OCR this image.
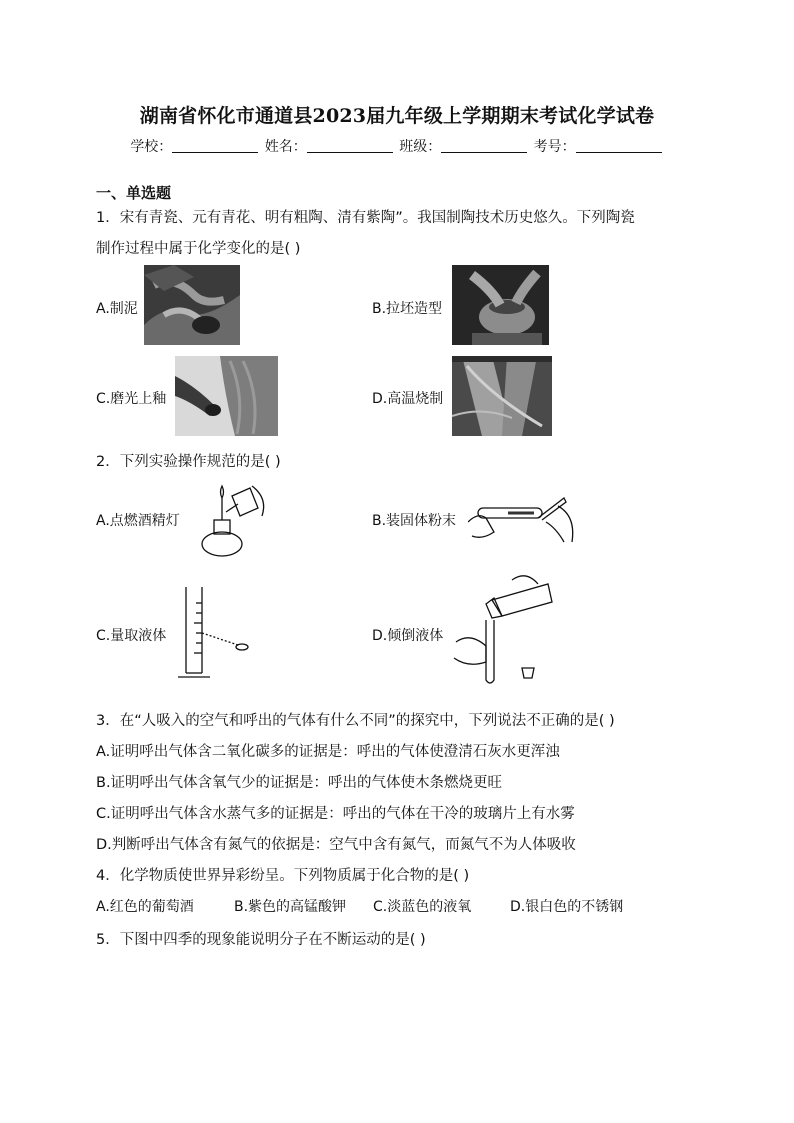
湖南省怀化市通道县2023届九年级上学期期末考试化学试卷
学校：	姓名：	班级：	考号：
一、单选题
1．宋有青瓷、元有青花、明有粗陶、清有紫陶”。我国制陶技术历史悠久。下列陶瓷
制作过程中属于化学变化的是( )
A.制泥	B.拉坯造型
C.磨光上釉	D.高温烧制
2．下列实验操作规范的是( )
A.点燃酒精灯	B.装固体粉末
C.量取液体	D.倾倒液体
3．在“人吸入的空气和呼出的气体有什么不同”的探究中，下列说法不正确的是( )
A.证明呼出气体含二氧化碳多的证据是：呼出的气体使澄清石灰水更浑浊
B.证明呼出气体含氧气少的证据是：呼出的气体使木条燃烧更旺
C.证明呼出气体含水蒸气多的证据是：呼出的气体在干冷的玻璃片上有水雾
D.判断呼出气体含有氮气的依据是：空气中含有氮气，而氮气不为人体吸收
4．化学物质使世界异彩纷呈。下列物质属于化合物的是( )
A.红色的葡萄酒	B.紫色的高锰酸钾 C.淡蓝色的液氧	D.银白色的不锈钢
5．下图中四季的现象能说明分子在不断运动的是( )
